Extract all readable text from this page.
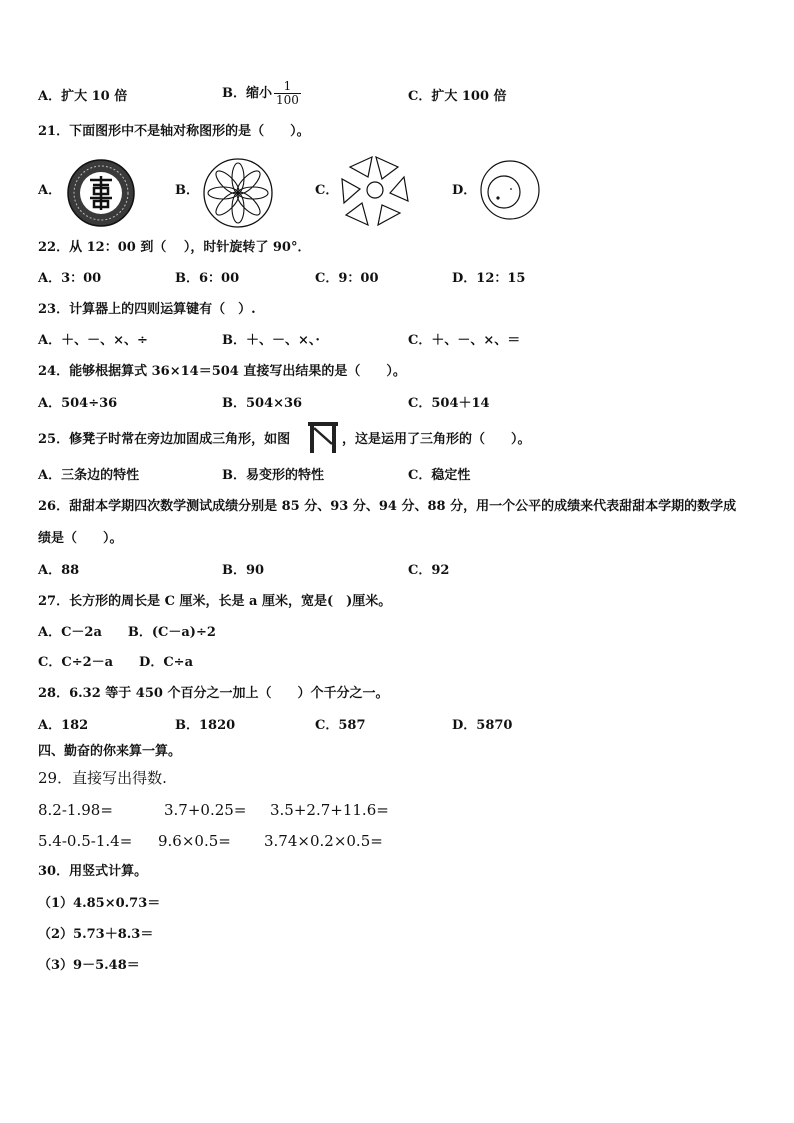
A．扩大 10 倍	B．缩小 $\frac{1}{100}$	C．扩大 100 倍
21．下面图形中不是轴对称图形的是（　　）。
A．	B．	C．	D．
22．从 12：00 到（　 ），时针旋转了 90°．
A．3：00	B．6：00	C．9：00	D．12：15
23．计算器上的四则运算键有（　）.
A．＋、－、×、÷	B．＋、－、×、·	C．＋、－、×、＝
24．能够根据算式 36×14＝504 直接写出结果的是（　　）。
A．504÷36	B．504×36	C．504＋14
25．修凳子时常在旁边加固成三角形，如图	，这是运用了三角形的（　　）。
A．三条边的特性	B．易变形的特性	C．稳定性
26．甜甜本学期四次数学测试成绩分别是 85 分、93 分、94 分、88 分，用一个公平的成绩来代表甜甜本学期的数学成
绩是（　　）。
A．88	B．90	C．92
27．长方形的周长是 C 厘米，长是 a 厘米，宽是(　)厘米。
A．C－2a　　B．(C－a)÷2
C．C÷2－a　　D．C÷a
28．6.32 等于 450 个百分之一加上（　　）个千分之一。
A．182	B．1820	C．587	D．5870
四、勤奋的你来算一算。
29．直接写出得数.
8.2-1.98=	3.7+0.25= 3.5+2.7+11.6=
5.4-0.5-1.4= 9.6×0.5= 3.74×0.2×0.5=
30．用竖式计算。
（1）4.85×0.73＝
（2）5.73＋8.3＝
（3）9－5.48＝
